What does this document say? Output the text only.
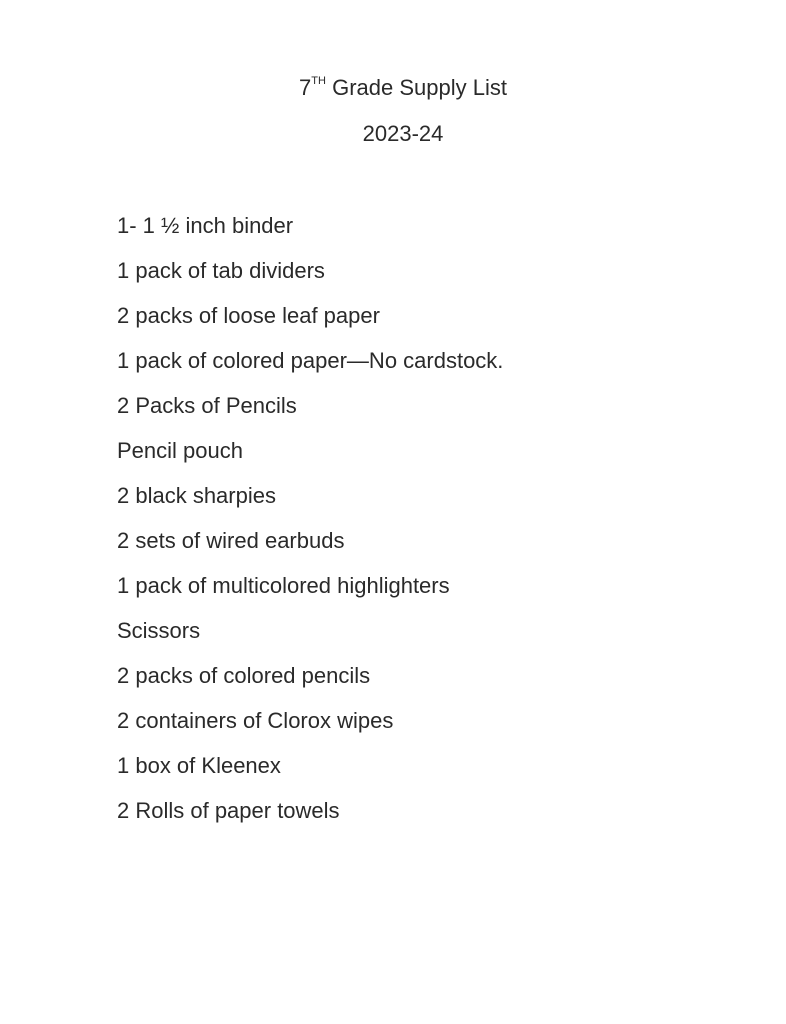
7TH Grade Supply List
2023-24
1- 1 ½ inch binder
1 pack of tab dividers
2 packs of loose leaf paper
1 pack of colored paper—No cardstock.
2 Packs of Pencils
Pencil pouch
2 black sharpies
2 sets of wired earbuds
1 pack of multicolored highlighters
Scissors
2 packs of colored pencils
2 containers of Clorox wipes
1 box of Kleenex
2 Rolls of paper towels
